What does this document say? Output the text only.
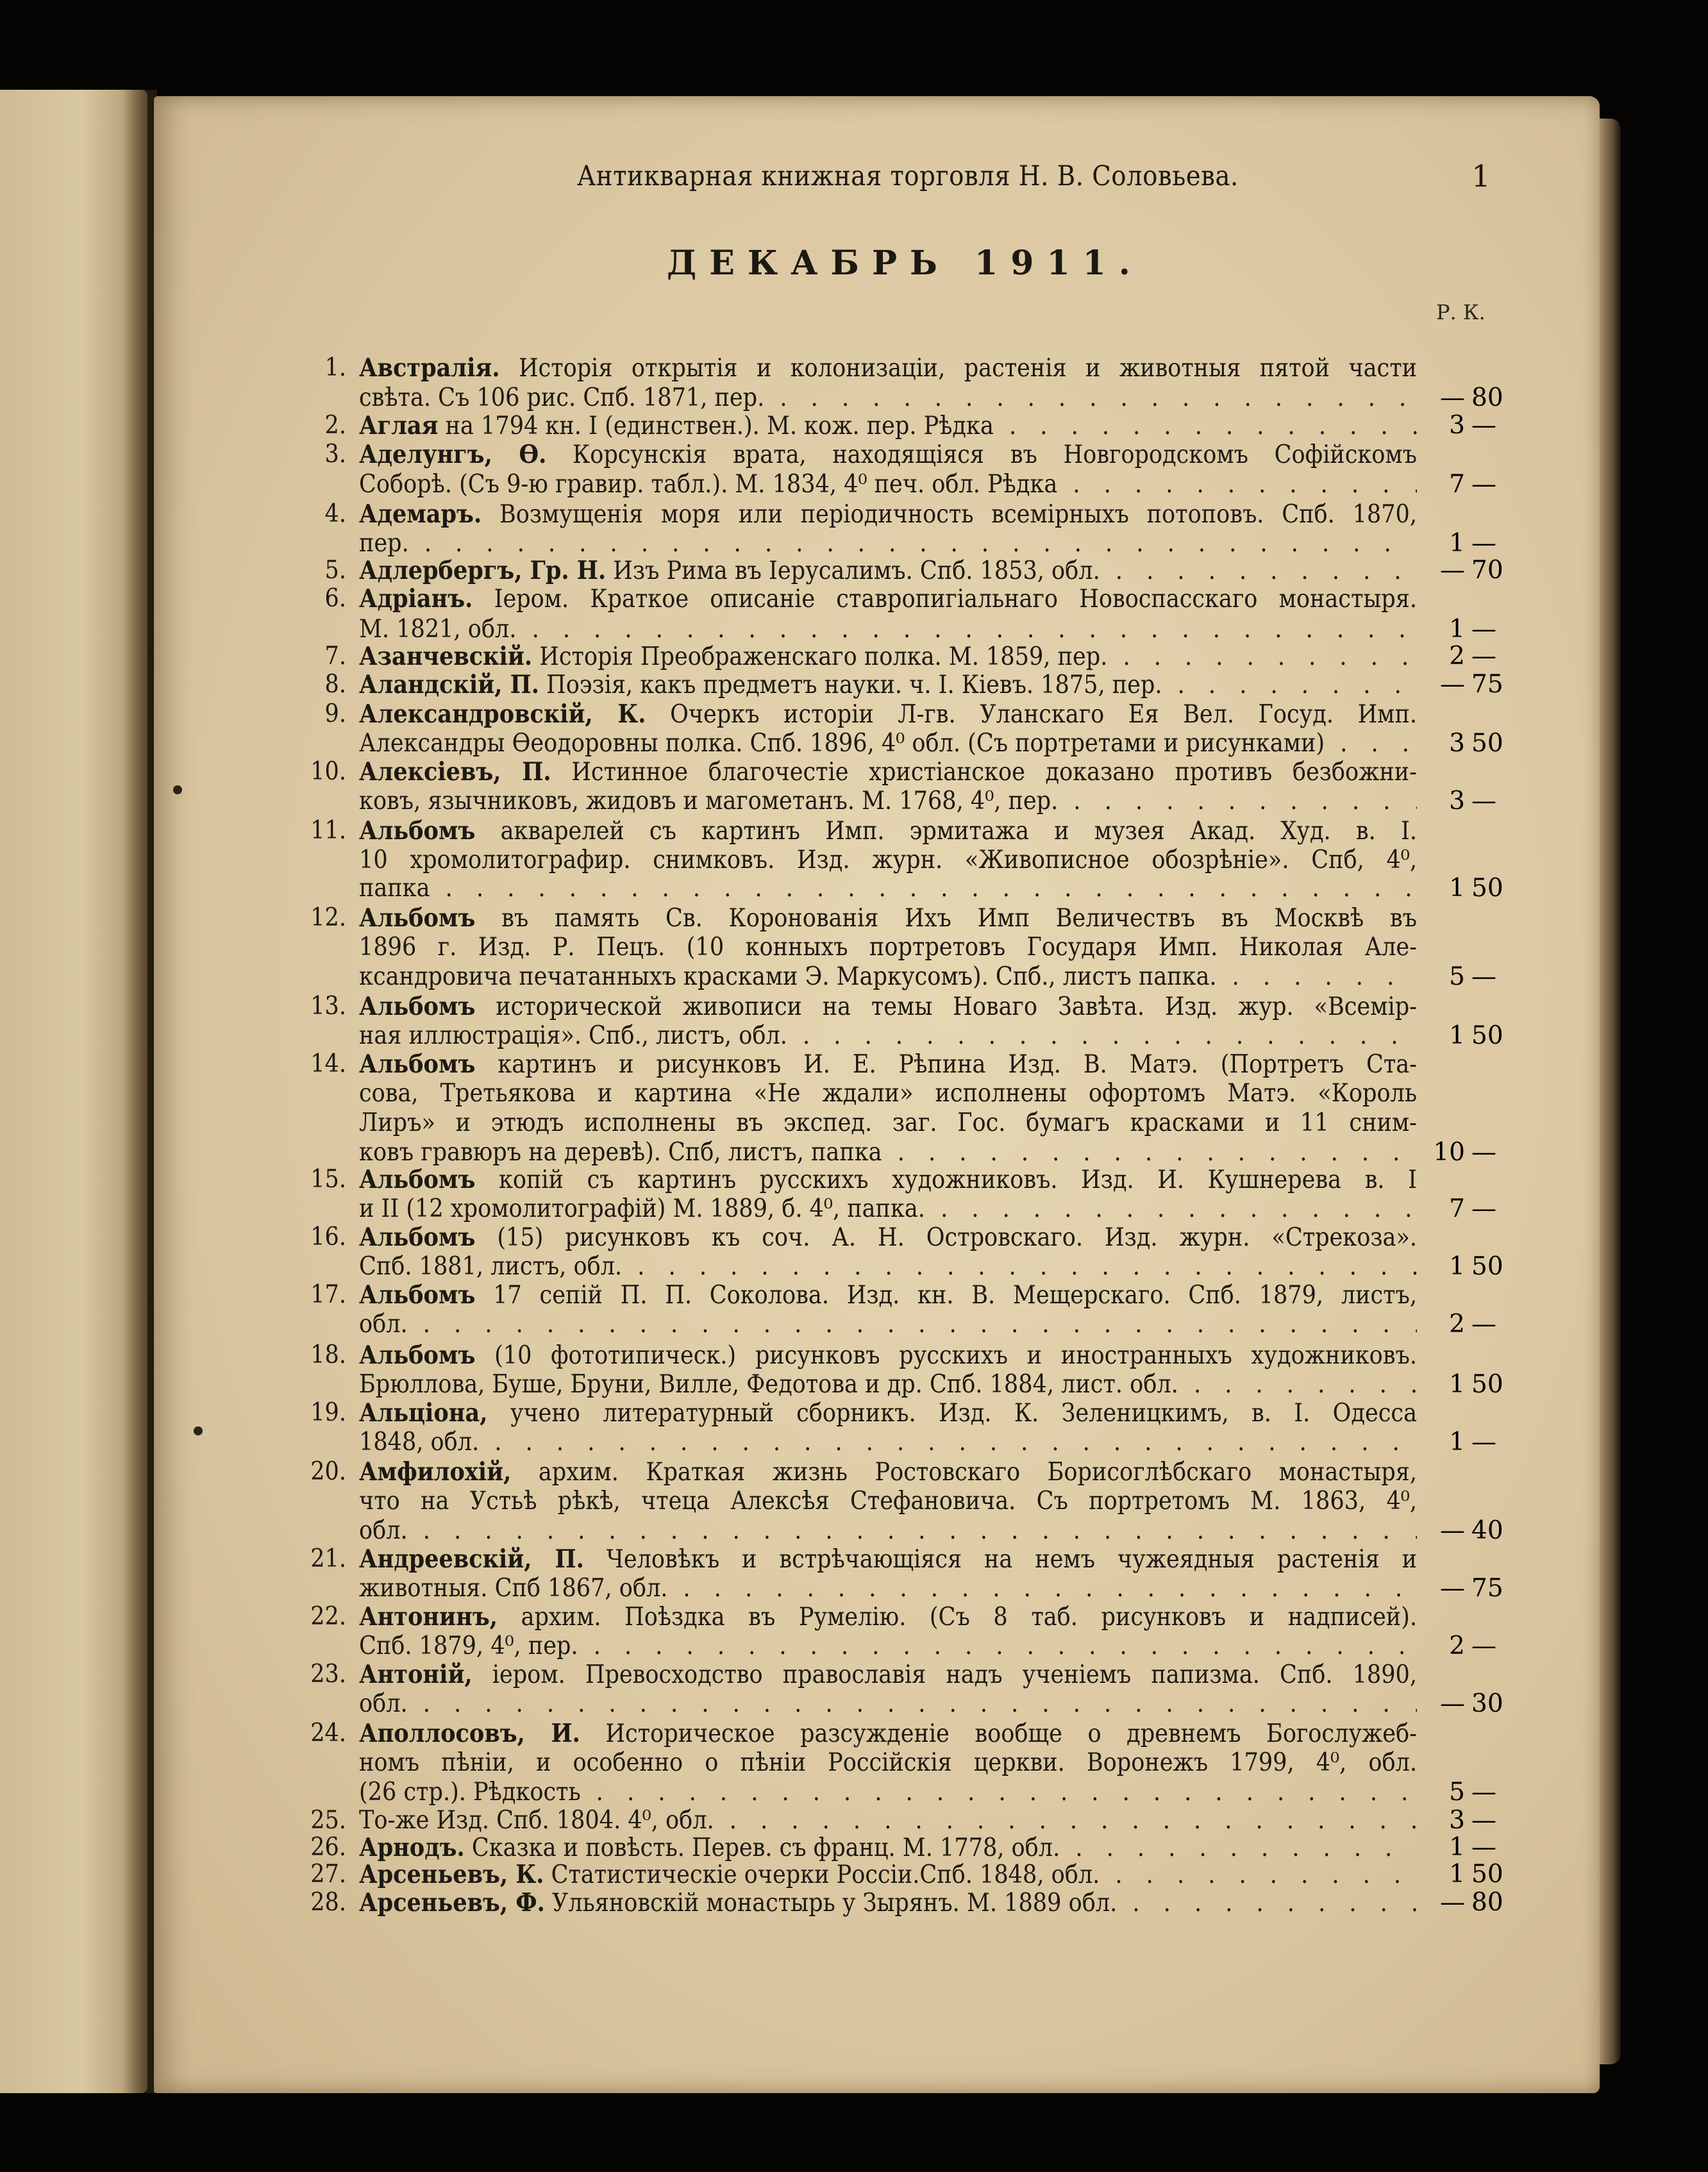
Антикварная книжная торговля Н. В. Соловьева.	1
ДЕКАБРЬ 1911.
Р. К.
1. Австралія. Исторія открытія и колонизаціи, растенія и животныя пятой части
свѣта. Съ 106 рис. Спб. 1871, пер. . . .	— 80
2. Аглая на 1794 кн. I (единствен.). М. кож. пер. Рѣдка . . .	3 —
3. Аделунгъ, Ѳ. Корсунскія врата, находящіяся въ Новгородскомъ Софійскомъ
Соборѣ. (Съ 9-ю гравир. табл.). М. 1834, 4⁰ печ. обл. Рѣдка . . .	7 —
4. Адемаръ. Возмущенія моря или періодичность всемірныхъ потоповъ. Спб. 1870,
пер. . . .	1 —
5. Адлербергъ, Гр. Н. Изъ Рима въ Іерусалимъ. Спб. 1853, обл. . . .	— 70
6. Адріанъ. Іером. Краткое описаніе ставропигіальнаго Новоспасскаго монастыря.
М. 1821, обл. . . .	1 —
7. Азанчевскій. Исторія Преображенскаго полка. М. 1859, пер. . . .	2 —
8. Аландскій, П. Поэзія, какъ предметъ науки. ч. I. Кіевъ. 1875, пер. . . .	— 75
9. Александровскій, К. Очеркъ исторіи Л-гв. Уланскаго Ея Вел. Госуд. Имп.
Александры Ѳеодоровны полка. Спб. 1896, 4⁰ обл. (Съ портретами и рисунками) . . .	3 50
10. Алексіевъ, П. Истинное благочестіе христіанское доказано противъ безбожни-
ковъ, язычниковъ, жидовъ и магометанъ. М. 1768, 4⁰, пер. . . .	3 —
11. Альбомъ акварелей съ картинъ Имп. эрмитажа и музея Акад. Худ. в. I.
10 хромолитографир. снимковъ. Изд. журн. «Живописное обозрѣніе». Спб, 4⁰,
папка . . .	1 50
12. Альбомъ въ память Св. Коронованія Ихъ Имп Величествъ въ Москвѣ въ
1896 г. Изд. Р. Пецъ. (10 конныхъ портретовъ Государя Имп. Николая Але-
ксандровича печатанныхъ красками Э. Маркусомъ). Спб., листъ папка. . . .	5 —
13. Альбомъ исторической живописи на темы Новаго Завѣта. Изд. жур. «Всемір-
ная иллюстрація». Спб., листъ, обл. . . .	1 50
14. Альбомъ картинъ и рисунковъ И. Е. Рѣпина Изд. В. Матэ. (Портретъ Ста-
сова, Третьякова и картина «Не ждали» исполнены офортомъ Матэ. «Король
Лиръ» и этюдъ исполнены въ экспед. заг. Гос. бумагъ красками и 11 сним-
ковъ гравюръ на деревѣ). Спб, листъ, папка . . .	10 —
15. Альбомъ копій съ картинъ русскихъ художниковъ. Изд. И. Кушнерева в. I
и II (12 хромолитографій) М. 1889, б. 4⁰, папка. . . .	7 —
16. Альбомъ (15) рисунковъ къ соч. А. Н. Островскаго. Изд. журн. «Стрекоза».
Спб. 1881, листъ, обл. . . .	1 50
17. Альбомъ 17 сепій П. П. Соколова. Изд. кн. В. Мещерскаго. Спб. 1879, листъ,
обл. . . .	2 —
18. Альбомъ (10 фототипическ.) рисунковъ русскихъ и иностранныхъ художниковъ.
Брюллова, Буше, Бруни, Вилле, Федотова и др. Спб. 1884, лист. обл. . . .	1 50
19. Альціона, учено литературный сборникъ. Изд. К. Зеленицкимъ, в. I. Одесса
1848, обл. . . .	1 —
20. Амфилохій, архим. Краткая жизнь Ростовскаго Борисоглѣбскаго монастыря,
что на Устьѣ рѣкѣ, чтеца Алексѣя Стефановича. Съ портретомъ М. 1863, 4⁰,
обл. . . .	— 40
21. Андреевскій, П. Человѣкъ и встрѣчающіяся на немъ чужеядныя растенія и
животныя. Спб 1867, обл. . . .	— 75
22. Антонинъ, архим. Поѣздка въ Румелію. (Съ 8 таб. рисунковъ и надписей).
Спб. 1879, 4⁰, пер. . . .	2 —
23. Антоній, іером. Превосходство православія надъ ученіемъ папизма. Спб. 1890,
обл. . . .	— 30
24. Аполлосовъ, И. Историческое разсужденіе вообще о древнемъ Богослужеб-
номъ пѣніи, и особенно о пѣніи Россійскія церкви. Воронежъ 1799, 4⁰, обл.
(26 стр.). Рѣдкость . . .	5 —
25. То-же Изд. Спб. 1804. 4⁰, обл. . . .	3 —
26. Арнодъ. Сказка и повѣсть. Перев. съ франц. М. 1778, обл. . . .	1 —
27. Арсеньевъ, К. Статистическіе очерки Россіи.Спб. 1848, обл. . . .	1 50
28. Арсеньевъ, Ф. Ульяновскій монастырь у Зырянъ. М. 1889 обл. . . .	— 80
